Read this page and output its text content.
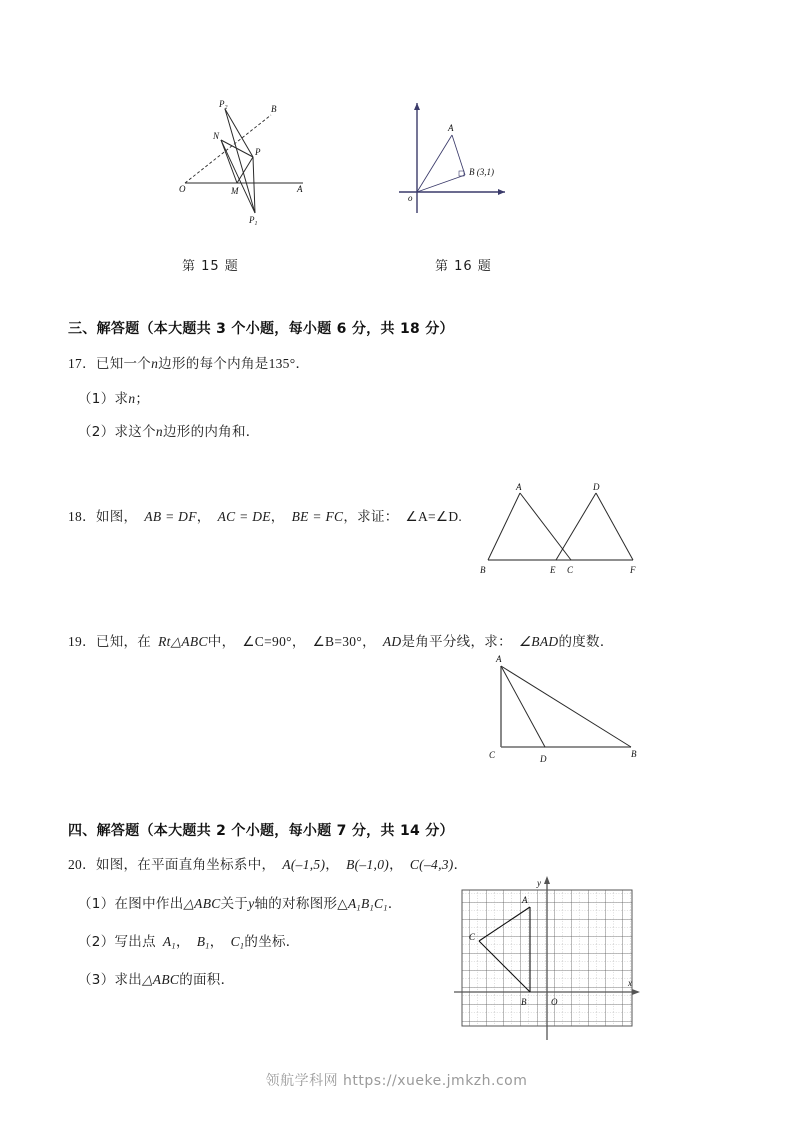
O	A
B
M
N
P
$P_1$
$P_2$
o
A
B (3,1)
第 15 题	第 16 题
三、解答题（本大题共 3 个小题，每小题 6 分，共 18 分）
17．已知一个n边形的每个内角是135°．
（1）求n；
（2）求这个n边形的内角和．
18．如图， AB = DF， AC = DE， BE = FC，求证： ∠A=∠D.
B
A
E C
D
F
19．已知，在 Rt△ABC中， ∠C=90°， ∠B=30°， AD是角平分线，求： ∠BAD的度数．
A
C	D	B
四、解答题（本大题共 2 个小题，每小题 7 分，共 14 分）
20．如图，在平面直角坐标系中， A(–1,5)， B(–1,0)， C(–4,3)．
（1）在图中作出△ABC关于y轴的对称图形$\triangle A_1B_1C_1$．
（2）写出点 $A_1$， $B_1$， $C_1$的坐标．
（3）求出△ABC的面积．
A
B
C
O
y
x
领航学科网 https://xueke.jmkzh.com
